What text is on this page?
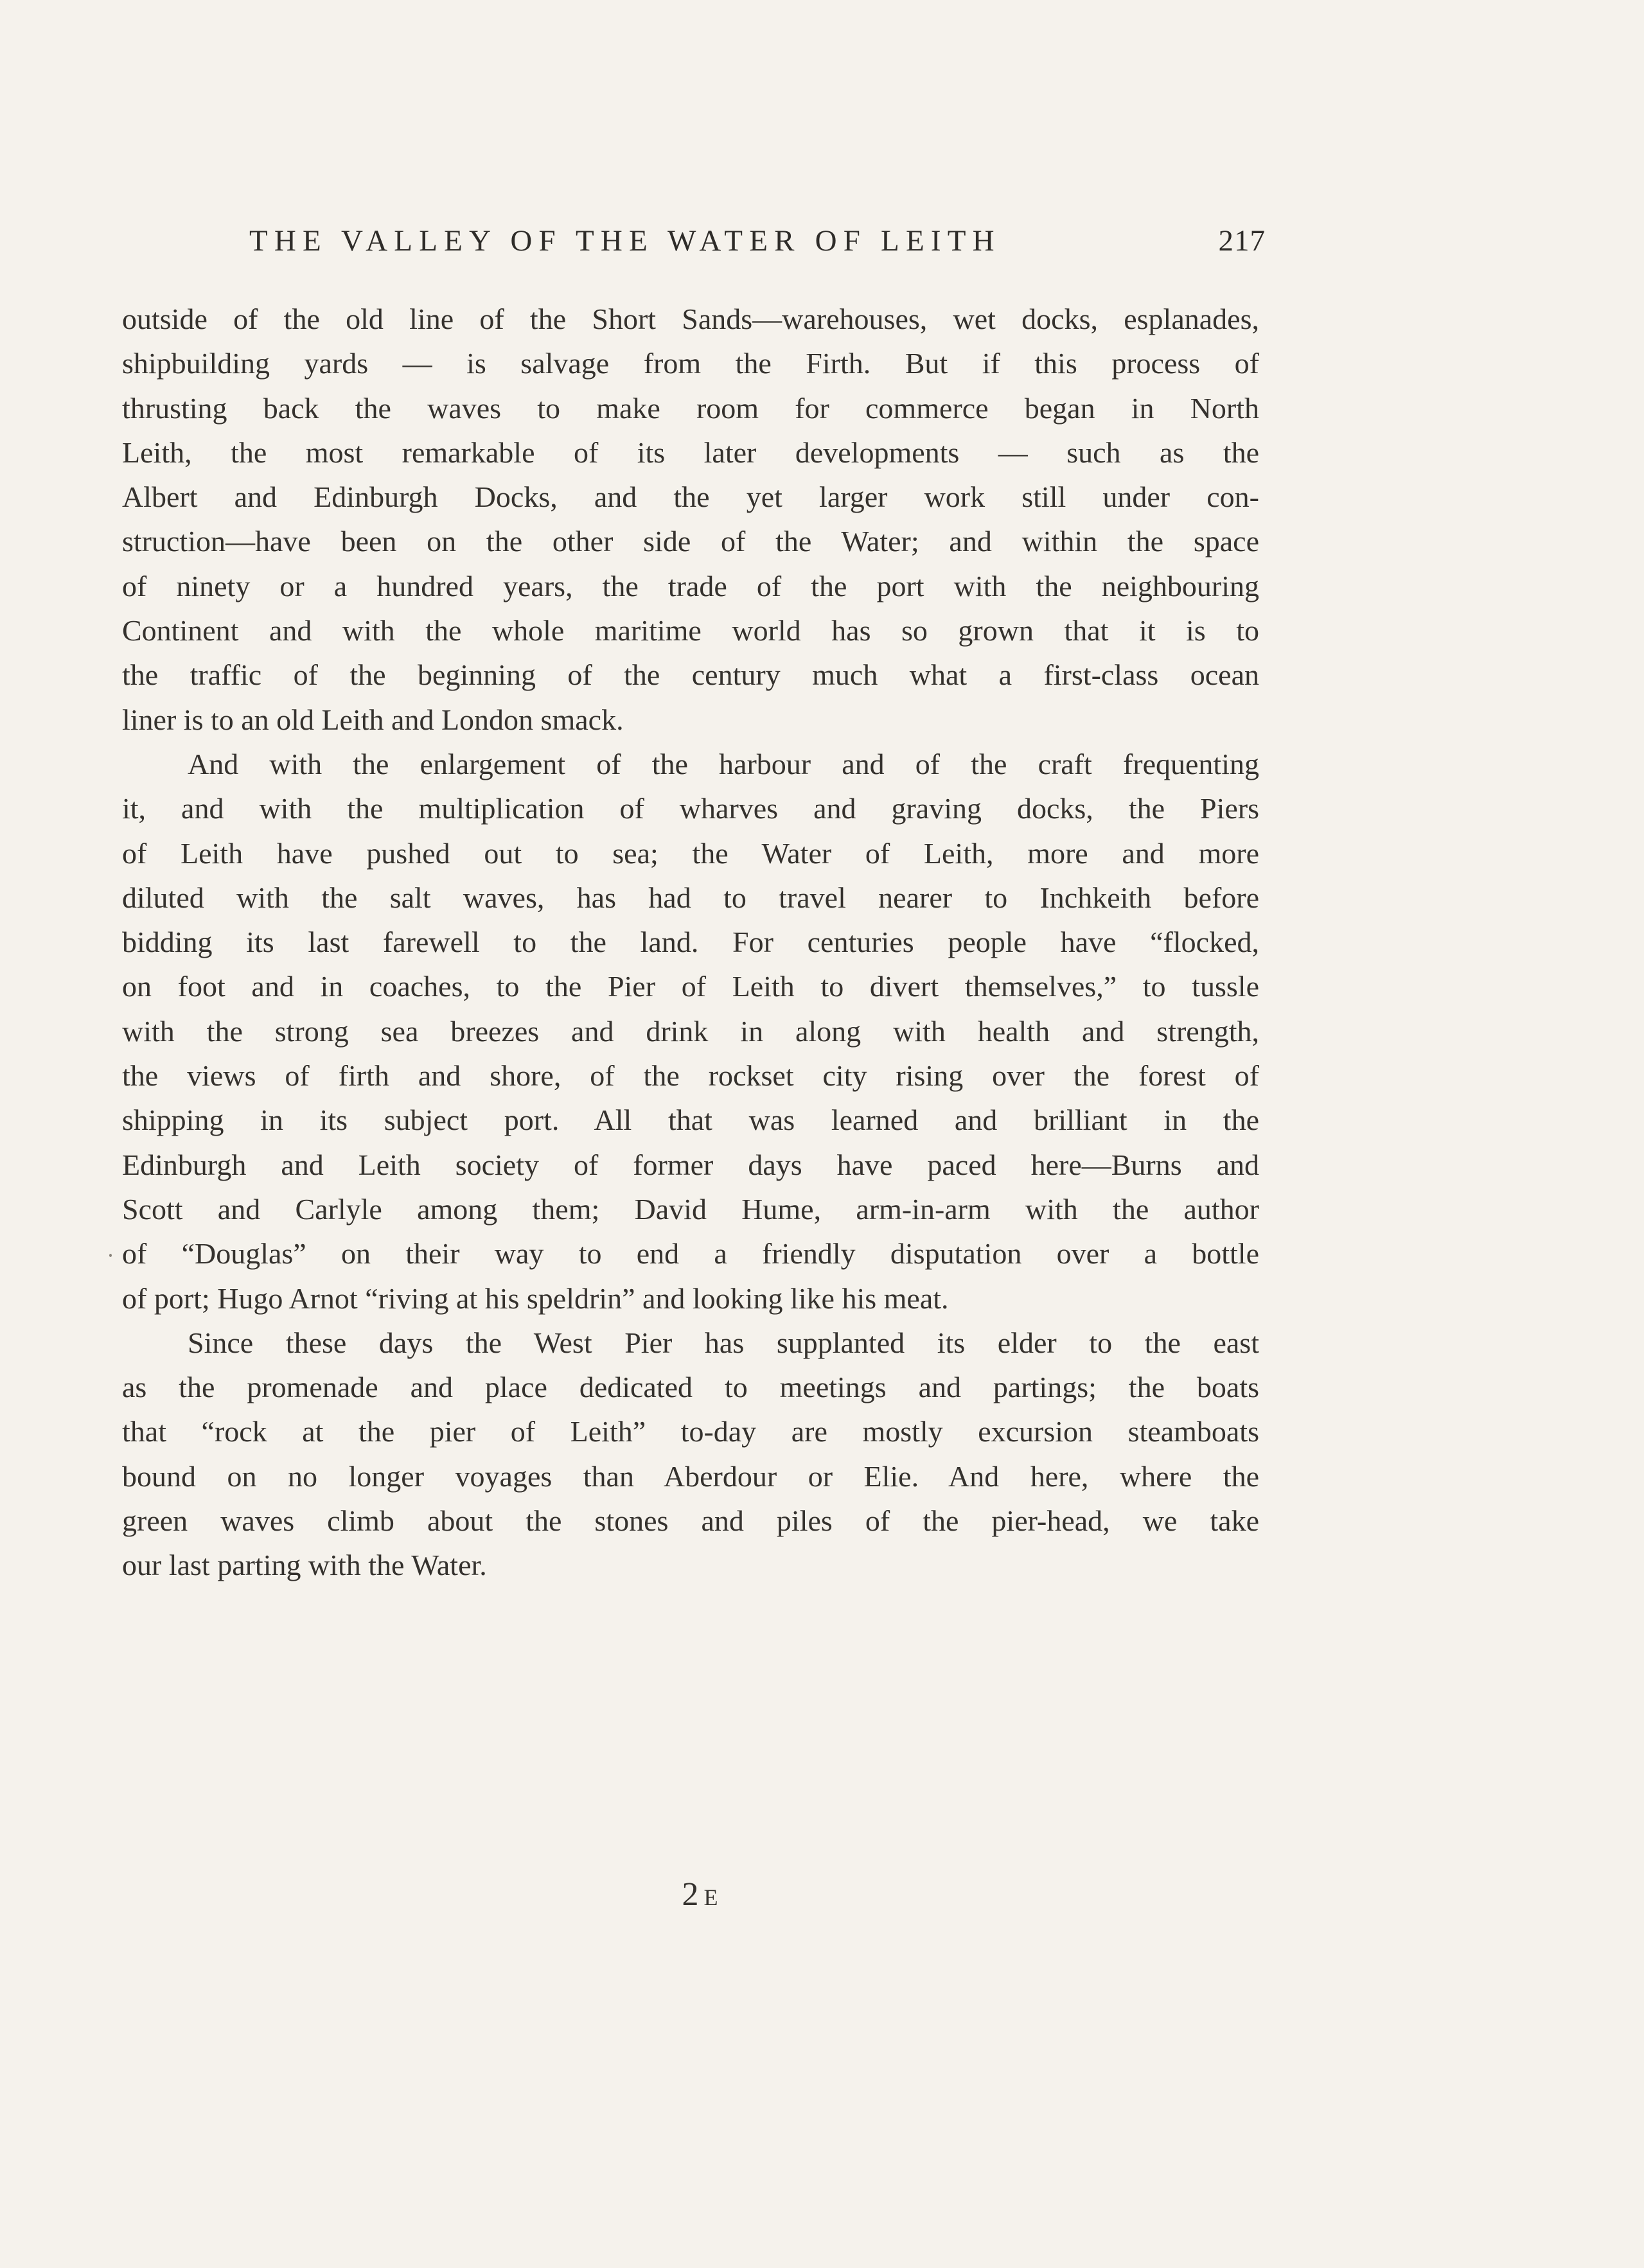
THE VALLEY OF THE WATER OF LEITH	217
outside of the old line of the Short Sands—warehouses, wet docks, esplanades,
shipbuilding yards — is salvage from the Firth. But if this process of
thrusting back the waves to make room for commerce began in North
Leith, the most remarkable of its later developments — such as the
Albert and Edinburgh Docks, and the yet larger work still under con-
struction—have been on the other side of the Water; and within the space
of ninety or a hundred years, the trade of the port with the neighbouring
Continent and with the whole maritime world has so grown that it is to
the traffic of the beginning of the century much what a first-class ocean
liner is to an old Leith and London smack.
And with the enlargement of the harbour and of the craft frequenting
it, and with the multiplication of wharves and graving docks, the Piers
of Leith have pushed out to sea; the Water of Leith, more and more
diluted with the salt waves, has had to travel nearer to Inchkeith before
bidding its last farewell to the land. For centuries people have “flocked,
on foot and in coaches, to the Pier of Leith to divert themselves,” to tussle
with the strong sea breezes and drink in along with health and strength,
the views of firth and shore, of the rockset city rising over the forest of
shipping in its subject port. All that was learned and brilliant in the
Edinburgh and Leith society of former days have paced here—Burns and
Scott and Carlyle among them; David Hume, arm-in-arm with the author
of “Douglas” on their way to end a friendly disputation over a bottle
of port; Hugo Arnot “riving at his speldrin” and looking like his meat.
Since these days the West Pier has supplanted its elder to the east
as the promenade and place dedicated to meetings and partings; the boats
that “rock at the pier of Leith” to-day are mostly excursion steamboats
bound on no longer voyages than Aberdour or Elie. And here, where the
green waves climb about the stones and piles of the pier-head, we take
our last parting with the Water.
2 E
